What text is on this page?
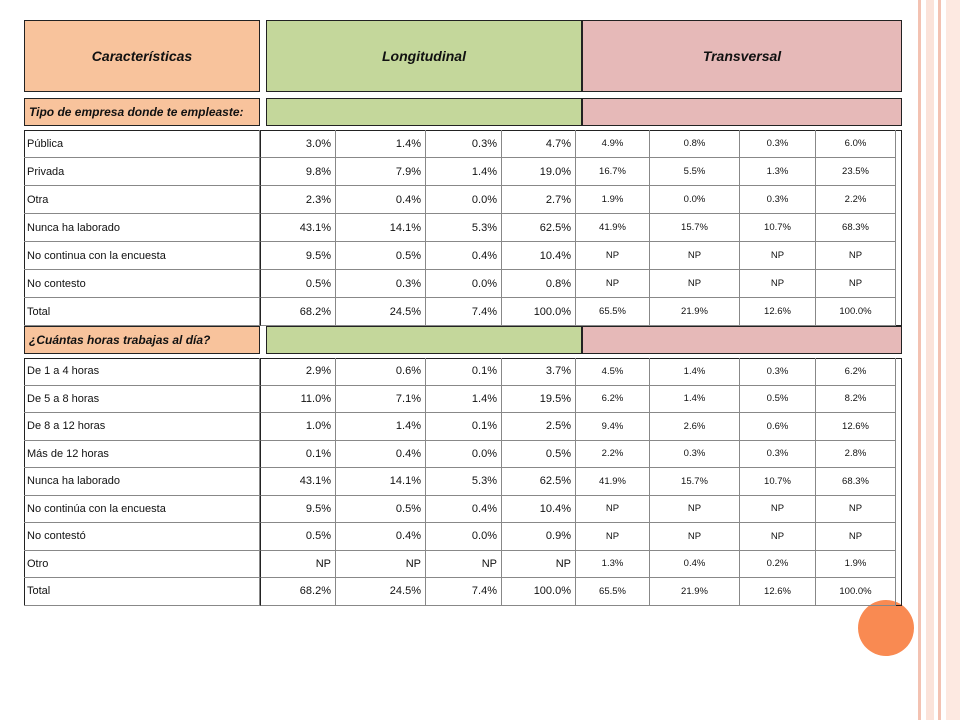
Características	Longitudinal	Transversal
Tipo de empresa donde te empleaste:
Pública	3.0%	1.4%	0.3%	4.7%	4.9%	0.8%	0.3%	6.0%
Privada	9.8%	7.9%	1.4%	19.0%	16.7%	5.5%	1.3%	23.5%
Otra	2.3%	0.4%	0.0%	2.7%	1.9%	0.0%	0.3%	2.2%
Nunca ha laborado	43.1%	14.1%	5.3%	62.5%	41.9%	15.7%	10.7%	68.3%
No continua con la encuesta	9.5%	0.5%	0.4%	10.4%	NP	NP	NP	NP
No contesto	0.5%	0.3%	0.0%	0.8%	NP	NP	NP	NP
Total	68.2%	24.5%	7.4%	100.0%	65.5%	21.9%	12.6%	100.0%
¿Cuántas horas trabajas al día?
De 1 a 4 horas	2.9%	0.6%	0.1%	3.7%	4.5%	1.4%	0.3%	6.2%
De 5 a 8 horas	11.0%	7.1%	1.4%	19.5%	6.2%	1.4%	0.5%	8.2%
De 8 a 12 horas	1.0%	1.4%	0.1%	2.5%	9.4%	2.6%	0.6%	12.6%
Más de 12 horas	0.1%	0.4%	0.0%	0.5%	2.2%	0.3%	0.3%	2.8%
Nunca ha laborado	43.1%	14.1%	5.3%	62.5%	41.9%	15.7%	10.7%	68.3%
No continúa con la encuesta	9.5%	0.5%	0.4%	10.4%	NP	NP	NP	NP
No contestó	0.5%	0.4%	0.0%	0.9%	NP	NP	NP	NP
Otro	NP	NP	NP	NP	1.3%	0.4%	0.2%	1.9%
Total	68.2%	24.5%	7.4%	100.0%	65.5%	21.9%	12.6%	100.0%
